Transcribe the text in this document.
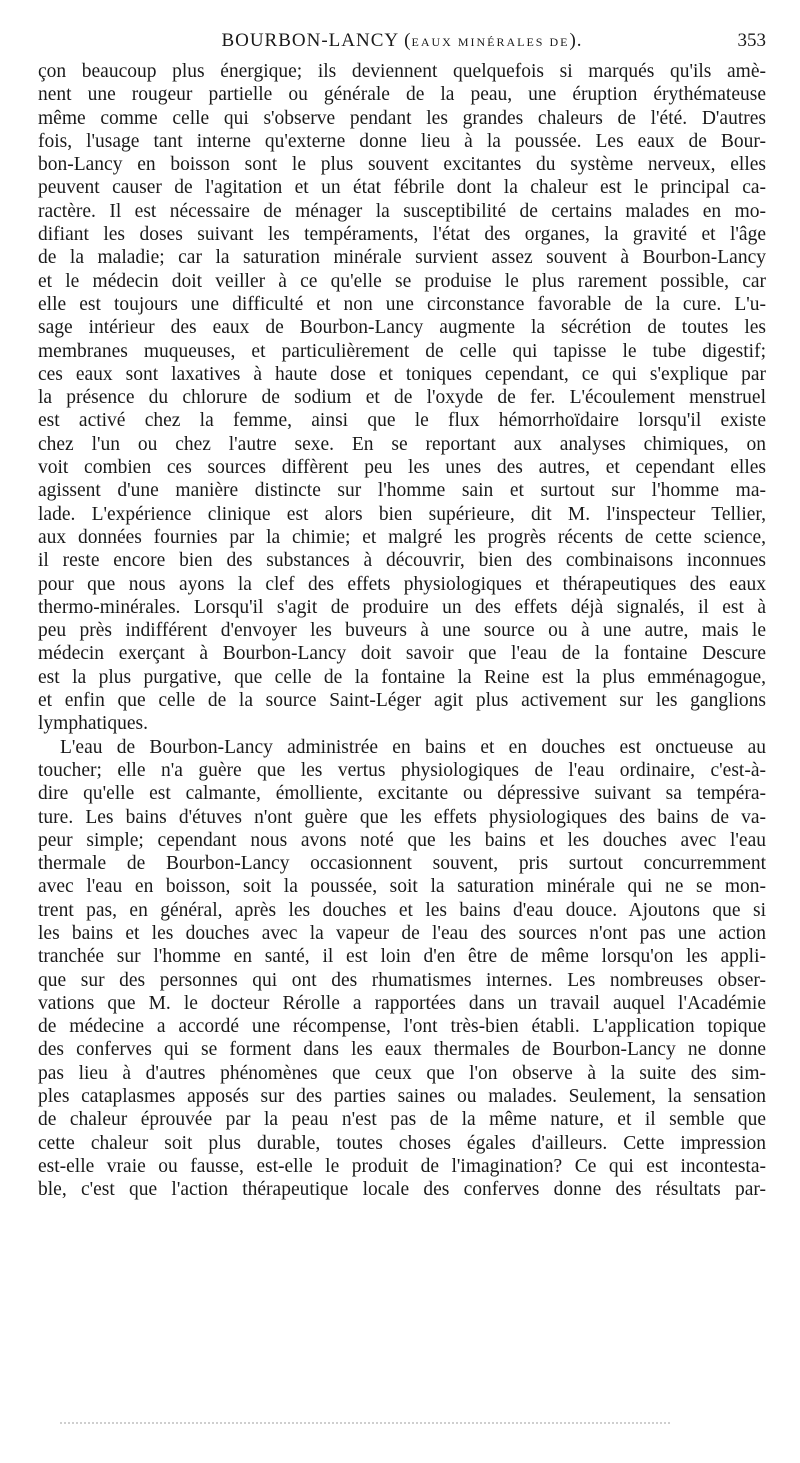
BOURBON-LANCY (EAUX MINÉRALES DE).	353
çon beaucoup plus énergique; ils deviennent quelquefois si marqués qu'ils amè-
nent une rougeur partielle ou générale de la peau, une éruption érythémateuse
même comme celle qui s'observe pendant les grandes chaleurs de l'été. D'autres
fois, l'usage tant interne qu'externe donne lieu à la poussée. Les eaux de Bour-
bon-Lancy en boisson sont le plus souvent excitantes du système nerveux, elles
peuvent causer de l'agitation et un état fébrile dont la chaleur est le principal ca-
ractère. Il est nécessaire de ménager la susceptibilité de certains malades en mo-
difiant les doses suivant les tempéraments, l'état des organes, la gravité et l'âge
de la maladie; car la saturation minérale survient assez souvent à Bourbon-Lancy
et le médecin doit veiller à ce qu'elle se produise le plus rarement possible, car
elle est toujours une difficulté et non une circonstance favorable de la cure. L'u-
sage intérieur des eaux de Bourbon-Lancy augmente la sécrétion de toutes les
membranes muqueuses, et particulièrement de celle qui tapisse le tube digestif;
ces eaux sont laxatives à haute dose et toniques cependant, ce qui s'explique par
la présence du chlorure de sodium et de l'oxyde de fer. L'écoulement menstruel
est activé chez la femme, ainsi que le flux hémorrhoïdaire lorsqu'il existe
chez l'un ou chez l'autre sexe. En se reportant aux analyses chimiques, on
voit combien ces sources diffèrent peu les unes des autres, et cependant elles
agissent d'une manière distincte sur l'homme sain et surtout sur l'homme ma-
lade. L'expérience clinique est alors bien supérieure, dit M. l'inspecteur Tellier,
aux données fournies par la chimie; et malgré les progrès récents de cette science,
il reste encore bien des substances à découvrir, bien des combinaisons inconnues
pour que nous ayons la clef des effets physiologiques et thérapeutiques des eaux
thermo-minérales. Lorsqu'il s'agit de produire un des effets déjà signalés, il est à
peu près indifférent d'envoyer les buveurs à une source ou à une autre, mais le
médecin exerçant à Bourbon-Lancy doit savoir que l'eau de la fontaine Descure
est la plus purgative, que celle de la fontaine la Reine est la plus emménagogue,
et enfin que celle de la source Saint-Léger agit plus activement sur les ganglions
lymphatiques.
L'eau de Bourbon-Lancy administrée en bains et en douches est onctueuse au
toucher; elle n'a guère que les vertus physiologiques de l'eau ordinaire, c'est-à-
dire qu'elle est calmante, émolliente, excitante ou dépressive suivant sa tempéra-
ture. Les bains d'étuves n'ont guère que les effets physiologiques des bains de va-
peur simple; cependant nous avons noté que les bains et les douches avec l'eau
thermale de Bourbon-Lancy occasionnent souvent, pris surtout concurremment
avec l'eau en boisson, soit la poussée, soit la saturation minérale qui ne se mon-
trent pas, en général, après les douches et les bains d'eau douce. Ajoutons que si
les bains et les douches avec la vapeur de l'eau des sources n'ont pas une action
tranchée sur l'homme en santé, il est loin d'en être de même lorsqu'on les appli-
que sur des personnes qui ont des rhumatismes internes. Les nombreuses obser-
vations que M. le docteur Rérolle a rapportées dans un travail auquel l'Académie
de médecine a accordé une récompense, l'ont très-bien établi. L'application topique
des conferves qui se forment dans les eaux thermales de Bourbon-Lancy ne donne
pas lieu à d'autres phénomènes que ceux que l'on observe à la suite des sim-
ples cataplasmes apposés sur des parties saines ou malades. Seulement, la sensation
de chaleur éprouvée par la peau n'est pas de la même nature, et il semble que
cette chaleur soit plus durable, toutes choses égales d'ailleurs. Cette impression
est-elle vraie ou fausse, est-elle le produit de l'imagination? Ce qui est incontesta-
ble, c'est que l'action thérapeutique locale des conferves donne des résultats par-
